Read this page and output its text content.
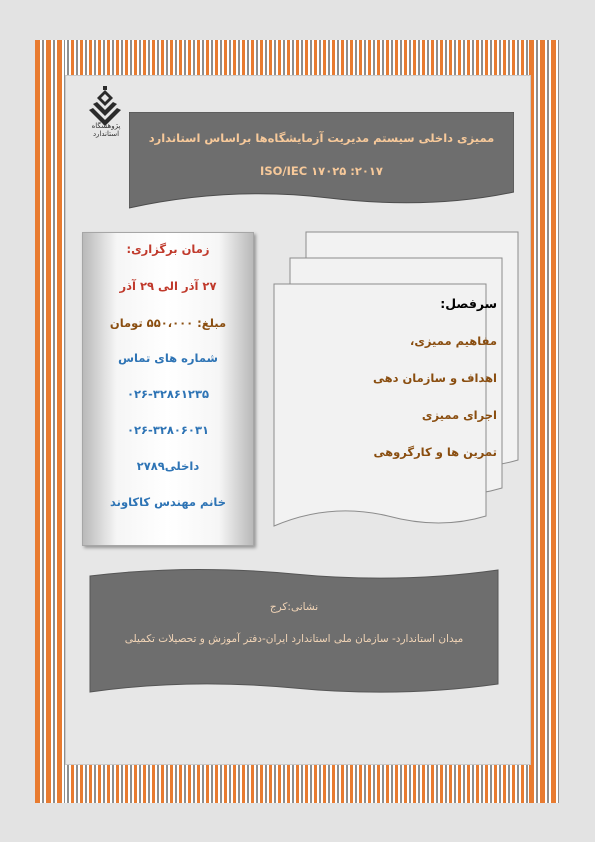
پژوهشگاه استاندارد	ممیزی داخلی سیستم مدیریت آزمایشگاه‌ها براساس استاندارد
ISO/IEC ۱۷۰۲۵ :۲۰۱۷
زمان برگزاری:
۲۷ آذر الی ۲۹ آذر
مبلغ: ۵۵۰،۰۰۰ تومان
شماره های تماس
۰۲۶-۳۲۸۶۱۲۳۵
۰۲۶-۳۲۸۰۶۰۳۱
داخلی۲۷۸۹
خانم مهندس کاکاوند
سرفصل:
مفاهیم ممیزی،
اهداف و سازمان دهی
اجرای ممیزی
تمرین ها و کارگروهی
نشانی:کرج
میدان استاندارد- سازمان ملی استاندارد ایران-دفتر آموزش و تحصیلات تکمیلی
